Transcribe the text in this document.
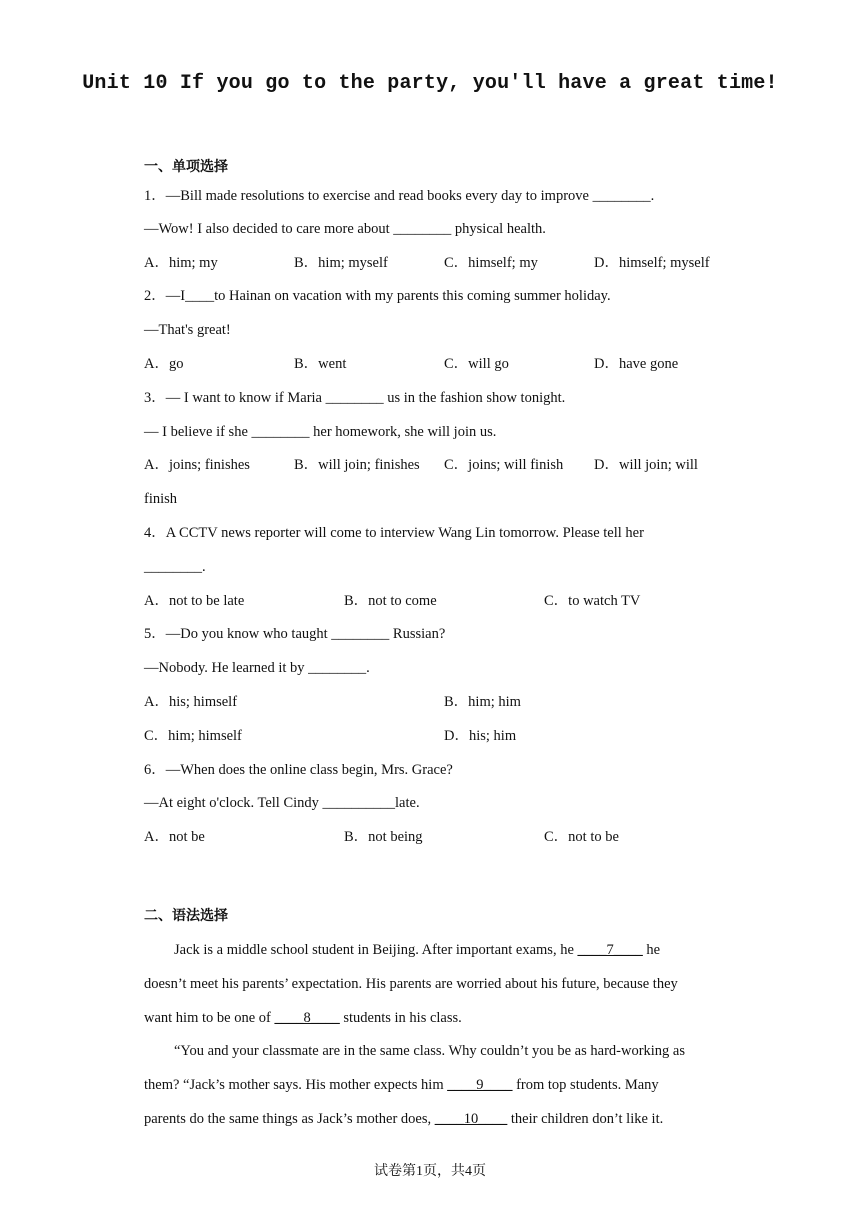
Unit 10 If you go to the party, you'll have a great time!
一、单项选择
1．—Bill made resolutions to exercise and read books every day to improve ________.
—Wow! I also decided to care more about ________ physical health.
A．him; my	B．him; myself	C．himself; my	D．himself; myself
2．—I____to Hainan on vacation with my parents this coming summer holiday.
—That's great!
A．go	B．went	C．will go	D．have gone
3．— I want to know if Maria ________ us in the fashion show tonight.
— I believe if she ________ her homework, she will join us.
A．joins; finishes	B．will join; finishes C．joins; will finish D．will join; will
finish
4．A CCTV news reporter will come to interview Wang Lin tomorrow. Please tell her
________.
A．not to be late	B．not to come	C．to watch TV
5．—Do you know who taught ________ Russian?
—Nobody. He learned it by ________.
A．his; himself	B．him; him
C．him; himself	D．his; him
6．—When does the online class begin, Mrs. Grace?
—At eight o'clock. Tell Cindy __________late.
A．not be	B．not being	C．not to be
二、语法选择
Jack is a middle school student in Beijing. After important exams, he ____7____ he
doesn’t meet his parents’ expectation. His parents are worried about his future, because they
want him to be one of ____8____ students in his class.
“You and your classmate are in the same class. Why couldn’t you be as hard-working as
them? “Jack’s mother says. His mother expects him ____9____ from top students. Many
parents do the same things as Jack’s mother does, ____10____ their children don’t like it.
试卷第1页，共4页
